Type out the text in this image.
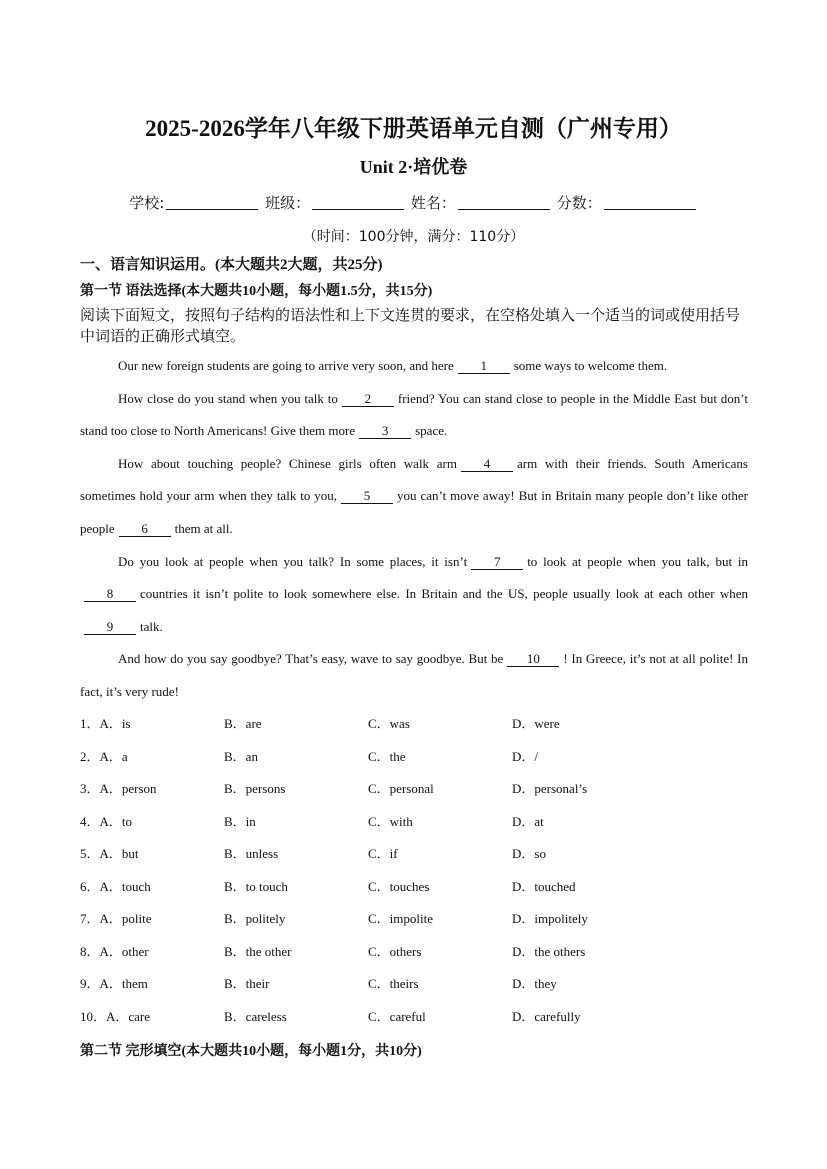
2025-2026学年八年级下册英语单元自测（广州专用）
Unit 2·培优卷
学校:	班级：	姓名：	分数：
（时间：100分钟，满分：110分）
一、语言知识运用。(本大题共2大题，共25分)
第一节 语法选择(本大题共10小题，每小题1.5分，共15分)
阅读下面短文，按照句子结构的语法性和上下文连贯的要求，在空格处填入一个适当的词或使用括号中词语的正确形式填空。

Our new foreign students are going to arrive very soon, and here 1 some ways to welcome them.

How close do you stand when you talk to 2 friend? You can stand close to people in the Middle East but don’t stand too close to North Americans! Give them more 3 space.

How about touching people? Chinese girls often walk arm 4 arm with their friends. South Americans sometimes hold your arm when they talk to you, 5 you can’t move away! But in Britain many people don’t like other people 6 them at all.

Do you look at people when you talk? In some places, it isn’t 7 to look at people when you talk, but in8 countries it isn’t polite to look somewhere else. In Britain and the US, people usually look at each other when9 talk.

And how do you say goodbye? That’s easy, wave to say goodbye. But be 10 ! In Greece, it’s not at all polite! In fact, it’s very rude!

1．A．is	B．are	C．was	D．were
2．A．a	B．an	C．the	D．/
3．A．person	B．persons	C．personal	D．personal’s
4．A．to	B．in	C．with	D．at
5．A．but	B．unless	C．if	D．so
6．A．touch	B．to touch	C．touches	D．touched
7．A．polite	B．politely	C．impolite	D．impolitely
8．A．other	B．the other	C．others	D．the others
9．A．them	B．their	C．theirs	D．they
10．A．care	B．careless	C．careful	D．carefully
第二节 完形填空(本大题共10小题，每小题1分，共10分)
